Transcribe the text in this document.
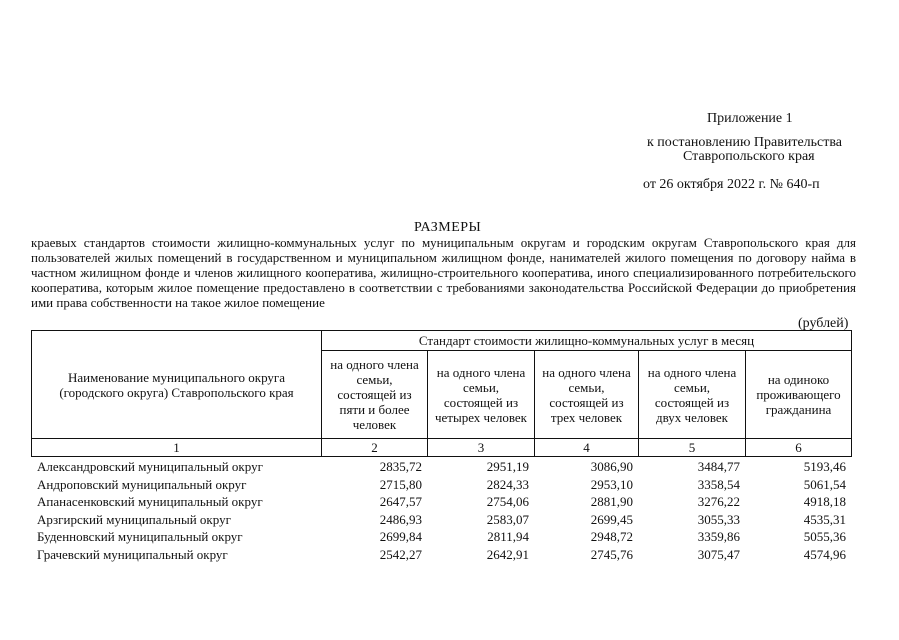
Приложение 1
к постановлению Правительства
Ставропольского края
от 26 октября 2022 г. № 640-п
РАЗМЕРЫ
краевых стандартов стоимости жилищно-коммунальных услуг по муниципальным округам и городским округам Ставропольского края для пользователей жилых помещений в государственном и муниципальном жилищном фонде, нанимателей жилого помещения по договору найма в частном жилищном фонде и членов жилищного кооператива, жилищно-строительного кооператива, иного специализированного потребительского кооператива, которым жилое помещение предоставлено в соответствии с требованиями законодательства Российской Федерации до приобретения ими права собственности на такое жилое помещение
(рублей)
Наименование муниципального округа (городского округа) Ставропольского края	Стандарт стоимости жилищно-коммунальных услуг в месяц				
	на одного члена семьи, состоящей из пяти и более человек	на одного члена семьи, состоящей из четырех человек	на одного члена семьи, состоящей из трех человек	на одного члена семьи, состоящей из двух человек	на одиноко проживающего гражданина
1	2	3	4	5	6
Александровский муниципальный округ	2835,72	2951,19	3086,90	3484,77	5193,46
Андроповский муниципальный округ	2715,80	2824,33	2953,10	3358,54	5061,54
Апанасенковский муниципальный округ	2647,57	2754,06	2881,90	3276,22	4918,18
Арзгирский муниципальный округ	2486,93	2583,07	2699,45	3055,33	4535,31
Буденновский муниципальный округ	2699,84	2811,94	2948,72	3359,86	5055,36
Грачевский муниципальный округ	2542,27	2642,91	2745,76	3075,47	4574,96
